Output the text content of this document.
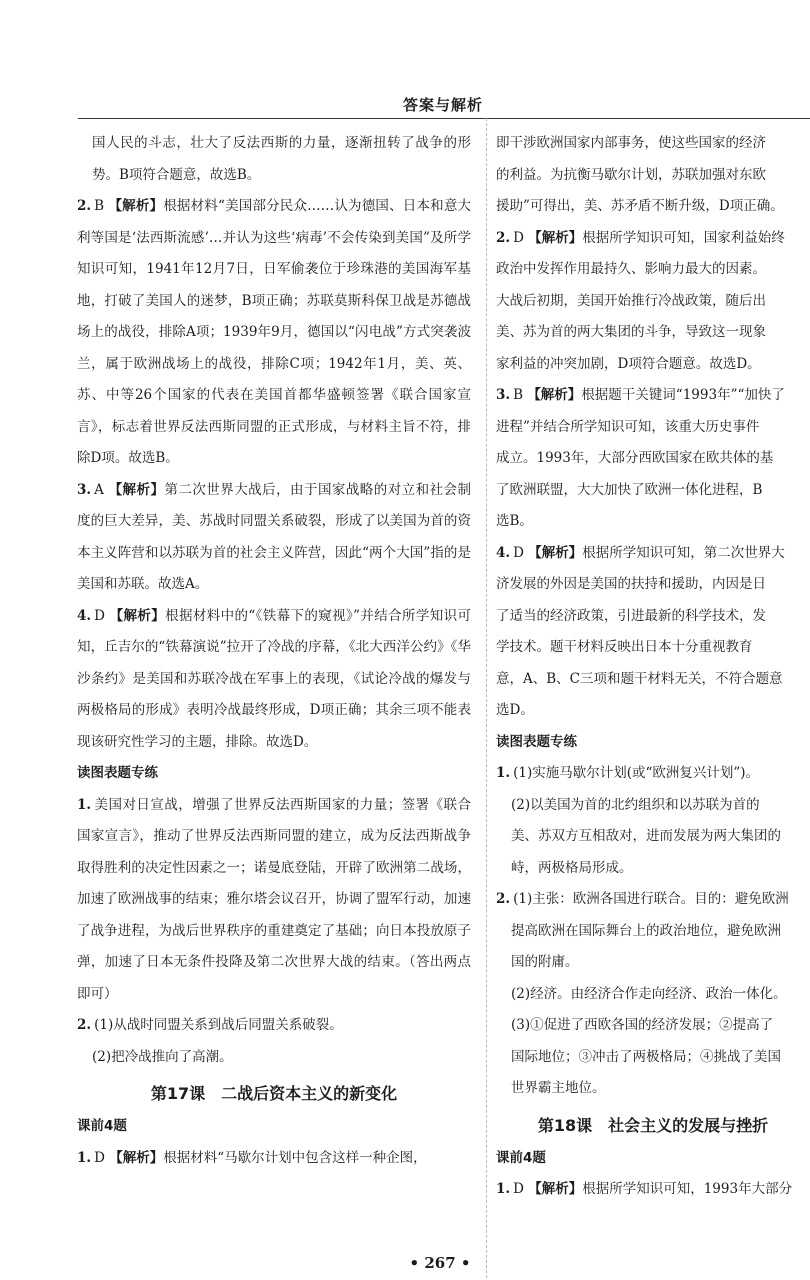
答案与解析

国人民的斗志，壮大了反法西斯的力量，逐渐扭转了战争的形势。B项符合题意，故选B。

2. B 【解析】根据材料“美国部分民众……认为德国、日本和意大利等国是‘法西斯流感’…并认为这些‘病毒’不会传染到美国”及所学知识可知，1941年12月7日，日军偷袭位于珍珠港的美国海军基地，打破了美国人的迷梦，B项正确；苏联莫斯科保卫战是苏德战场上的战役，排除A项；1939年9月，德国以“闪电战”方式突袭波兰，属于欧洲战场上的战役，排除C项；1942年1月，美、英、苏、中等26个国家的代表在美国首都华盛顿签署《联合国家宣言》，标志着世界反法西斯同盟的正式形成，与材料主旨不符，排除D项。故选B。

3. A 【解析】第二次世界大战后，由于国家战略的对立和社会制度的巨大差异，美、苏战时同盟关系破裂，形成了以美国为首的资本主义阵营和以苏联为首的社会主义阵营，因此“两个大国”指的是美国和苏联。故选A。

4. D 【解析】根据材料中的“《铁幕下的窥视》”并结合所学知识可知，丘吉尔的“铁幕演说”拉开了冷战的序幕，《北大西洋公约》《华沙条约》是美国和苏联冷战在军事上的表现，《试论冷战的爆发与两极格局的形成》表明冷战最终形成，D项正确；其余三项不能表现该研究性学习的主题，排除。故选D。

读图表题专练

1. 美国对日宣战，增强了世界反法西斯国家的力量；签署《联合国家宣言》，推动了世界反法西斯同盟的建立，成为反法西斯战争取得胜利的决定性因素之一；诺曼底登陆，开辟了欧洲第二战场，加速了欧洲战事的结束；雅尔塔会议召开，协调了盟军行动，加速了战争进程，为战后世界秩序的重建奠定了基础；向日本投放原子弹，加速了日本无条件投降及第二次世界大战的结束。（答出两点即可）

2. (1)从战时同盟关系到战后同盟关系破裂。

(2)把冷战推向了高潮。

第17课　二战后资本主义的新变化

课前4题

1. D 【解析】根据材料“马歇尔计划中包含这样一种企图，

即干涉欧洲国家内部事务，使这些国家的经济
的利益。为抗衡马歇尔计划，苏联加强对东欧
援助”可得出，美、苏矛盾不断升级，D项正确。

2. D 【解析】根据所学知识可知，国家利益始终
政治中发挥作用最持久、影响力最大的因素。
大战后初期，美国开始推行冷战政策，随后出
美、苏为首的两大集团的斗争，导致这一现象
家利益的冲突加剧，D项符合题意。故选D。

3. B 【解析】根据题干关键词“1993年”“加快了
进程”并结合所学知识可知，该重大历史事件
成立。1993年，大部分西欧国家在欧共体的基
了欧洲联盟，大大加快了欧洲一体化进程，B
选B。

4. D 【解析】根据所学知识可知，第二次世界大
济发展的外因是美国的扶持和援助，内因是日
了适当的经济政策，引进最新的科学技术，发
学技术。题干材料反映出日本十分重视教育
意，A、B、C三项和题干材料无关，不符合题意
选D。

读图表题专练

1. (1)实施马歇尔计划(或“欧洲复兴计划”)。
(2)以美国为首的北约组织和以苏联为首的
美、苏双方互相敌对，进而发展为两大集团的
峙，两极格局形成。
2. (1)主张：欧洲各国进行联合。目的：避免欧洲
提高欧洲在国际舞台上的政治地位，避免欧洲
国的附庸。
(2)经济。由经济合作走向经济、政治一体化。
(3)①促进了西欧各国的经济发展；②提高了
国际地位；③冲击了两极格局；④挑战了美国
世界霸主地位。

第18课　社会主义的发展与挫折

课前4题

1. D 【解析】根据所学知识可知，1993年大部分

• 267 •
